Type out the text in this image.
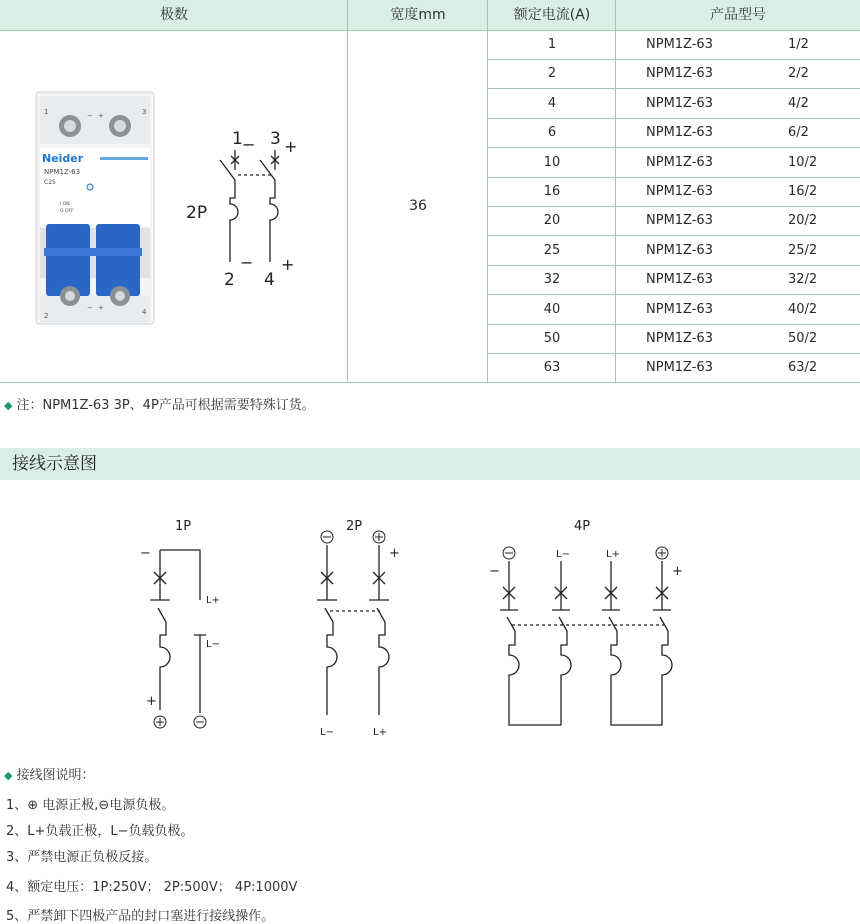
极数	宽度mm	额定电流(A)	产品型号
36
1	NPM1Z-63	1/2
2	NPM1Z-63	2/2
4	NPM1Z-63	4/2
6	NPM1Z-63	6/2
10	NPM1Z-63	10/2
16	NPM1Z-63	16/2
20	NPM1Z-63	20/2
25	NPM1Z-63	25/2
32	NPM1Z-63	32/2
40	NPM1Z-63	40/2
50	NPM1Z-63	50/2
63	NPM1Z-63	63/2
1	− +	3
Neider
NPM1Z-63
C25
I ON
O OFF
2
− +	4
1 − 3 +
2P
−
2
+
4
◆ 注：NPM1Z-63 3P、4P产品可根据需要特殊订货。
接线示意图
1P
−
L+
L−
+
2P
+
L−	L+
4P
−
L−	L+
+
◆ 接线图说明：
1、⊕ 电源正极,⊖电源负极。
2、L+负载正极，L−负载负极。
3、严禁电源正负极反接。
4、额定电压：1P:250V； 2P:500V； 4P:1000V
5、严禁卸下四极产品的封口塞进行接线操作。
